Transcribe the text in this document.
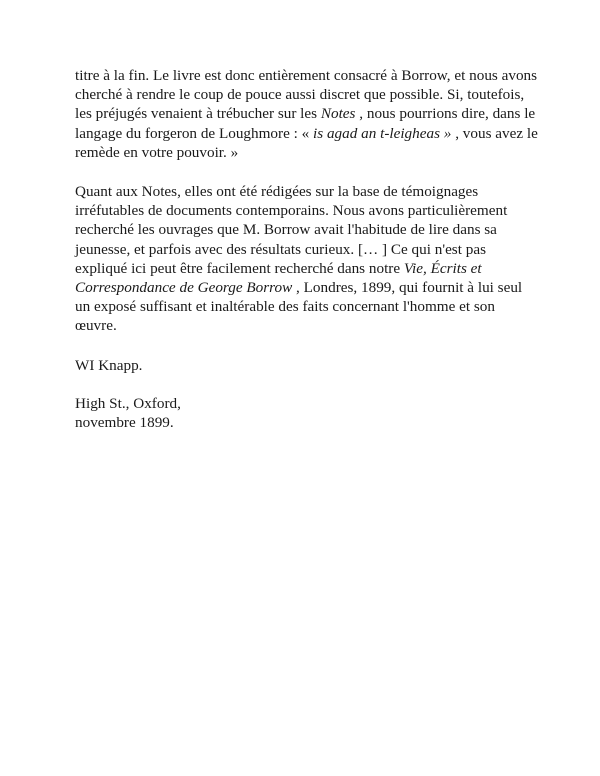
titre à la fin. Le livre est donc entièrement consacré à Borrow, et nous avons
cherché à rendre le coup de pouce aussi discret que possible. Si, toutefois,
les préjugés venaient à trébucher sur les Notes , nous pourrions dire, dans le
langage du forgeron de Loughmore : « is agad an t-leigheas » , vous avez le
remède en votre pouvoir. »

Quant aux Notes, elles ont été rédigées sur la base de témoignages
irréfutables de documents contemporains. Nous avons particulièrement
recherché les ouvrages que M. Borrow avait l'habitude de lire dans sa
jeunesse, et parfois avec des résultats curieux. [… ] Ce qui n'est pas
expliqué ici peut être facilement recherché dans notre Vie, Écrits et
Correspondance de George Borrow , Londres, 1899, qui fournit à lui seul
un exposé suffisant et inaltérable des faits concernant l'homme et son
œuvre.

WI Knapp.

High St., Oxford,
novembre 1899.
